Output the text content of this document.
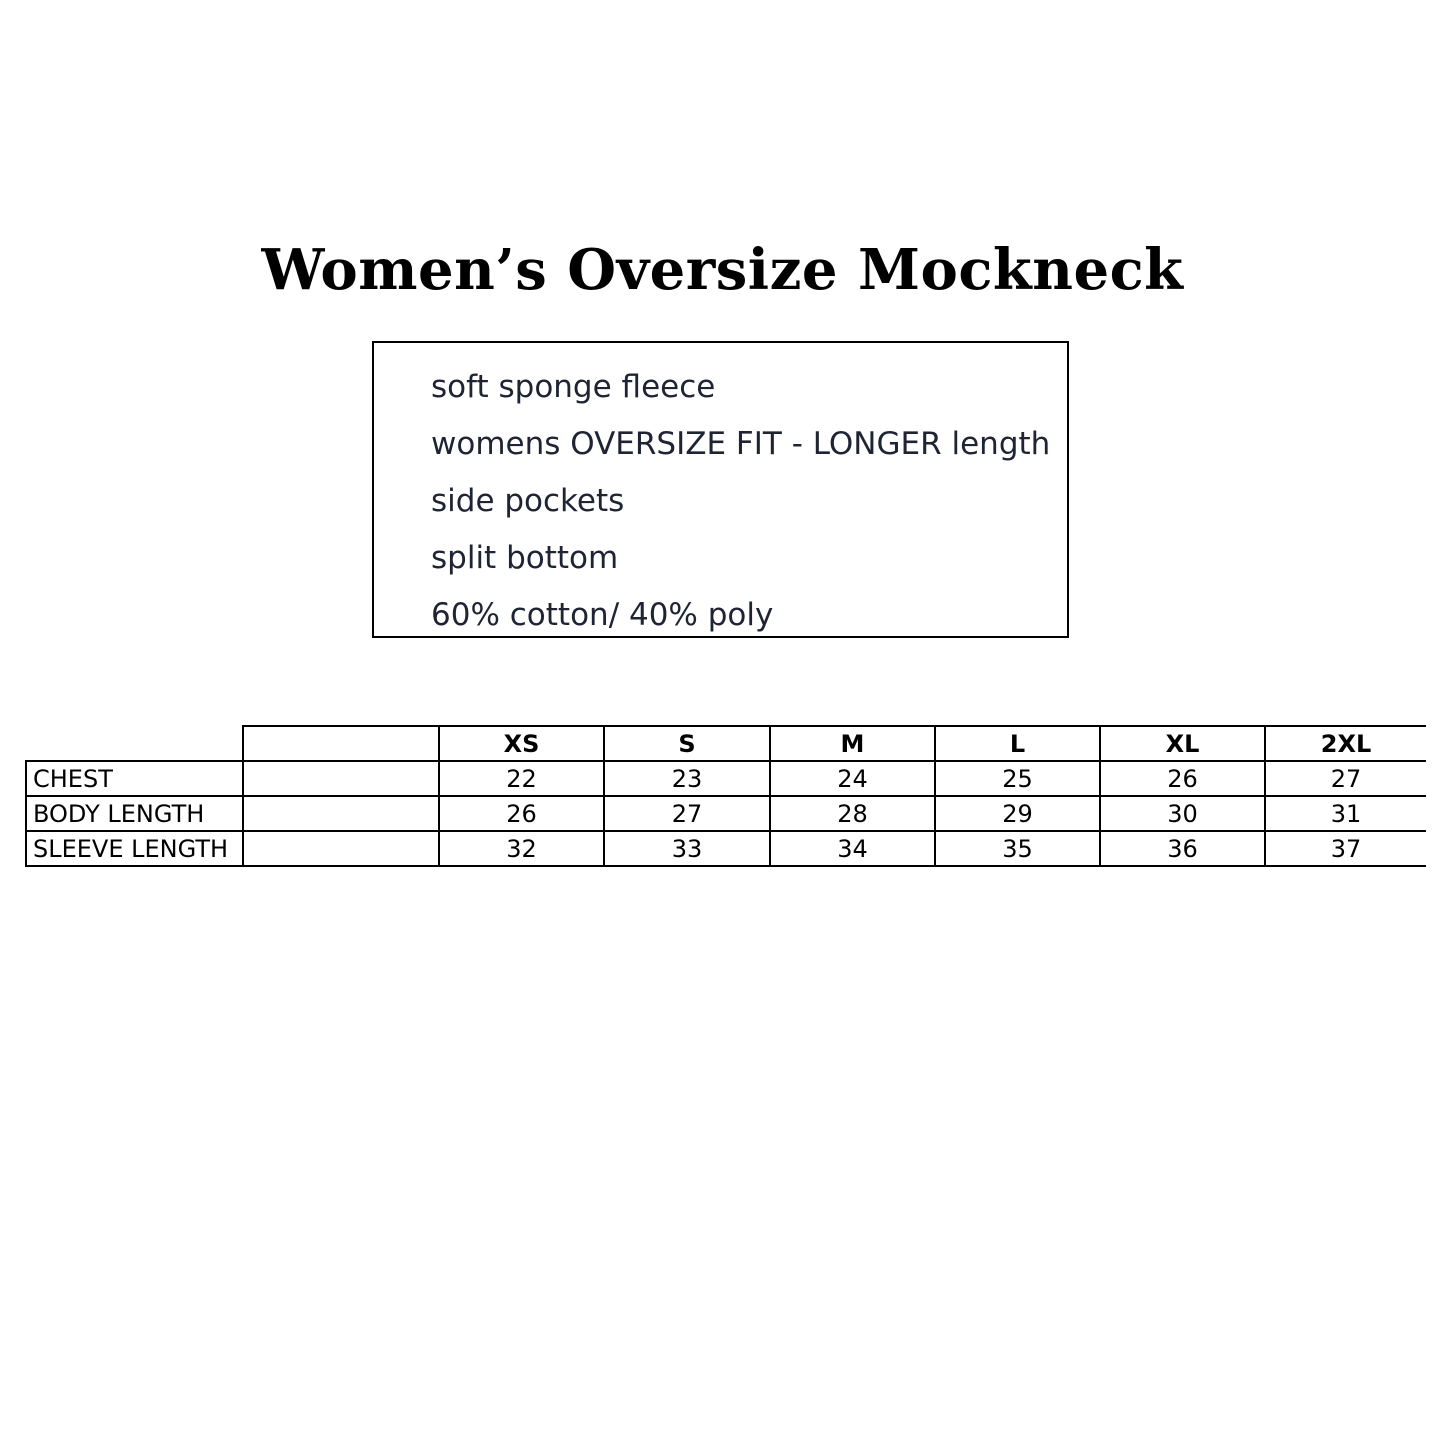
Women’s Oversize Mockneck
soft sponge fleece
womens OVERSIZE FIT - LONGER length
side pockets
split bottom
60% cotton/ 40% poly
		XS	S	M	L	XL	2XL
CHEST		22	23	24	25	26	27
BODY LENGTH		26	27	28	29	30	31
SLEEVE LENGTH		32	33	34	35	36	37
